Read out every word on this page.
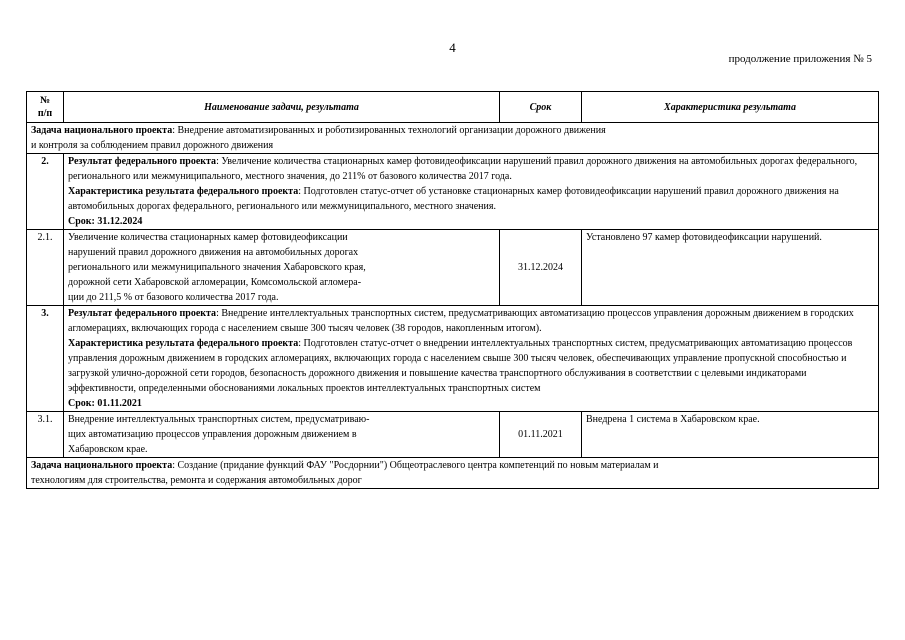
4
продолжение приложения № 5
№
п/п	Наименование задачи, результата	Срок	Характеристика результата
Задача национального проекта: Внедрение автоматизированных и роботизированных технологий организации дорожного движения
и контроля за соблюдением правил дорожного движения			

2.	Результат федерального проекта: Увеличение количества стационарных камер фотовидеофиксации нарушений правил дорожного движения на автомобильных дорогах федерального, регионального или межмуниципального, местного значения, до 211% от базового количества 2017 года.
Характеристика результата федерального проекта: Подготовлен статус-отчет об установке стационарных камер фотовидеофиксации нарушений правил дорожного движения на автомобильных дорогах федерального, регионального или межмуниципального, местного значения.
Срок: 31.12.2024		

2.1.	Увеличение количества стационарных камер фотовидеофиксации
нарушений правил дорожного движения на автомобильных дорогах
регионального или межмуниципального значения Хабаровского края,
дорожной сети Хабаровской агломерации, Комсомольской агломера-
ции до 211,5 % от базового количества 2017 года.	31.12.2024	Установлено 97 камер фотовидеофиксации нарушений.
3.	Результат федерального проекта: Внедрение интеллектуальных транспортных систем, предусматривающих автоматизацию процессов управления дорожным движением в городских агломерациях, включающих города с населением свыше 300 тысяч человек (38 городов, накопленным итогом).
Характеристика результата федерального проекта: Подготовлен статус-отчет о внедрении интеллектуальных транспортных систем, предусматривающих автоматизацию процессов управления дорожным движением в городских агломерациях, включающих города с населением свыше 300 тысяч человек, обеспечивающих управление пропускной способностью и загрузкой улично-дорожной сети городов, безопасность дорожного движения и повышение качества транспортного обслуживания в соответствии с целевыми индикаторами эффективности, определенными обоснованиями локальных проектов интеллектуальных транспортных систем
Срок: 01.11.2021		

3.1.	Внедрение интеллектуальных транспортных систем, предусматриваю-
щих автоматизацию процессов управления дорожным движением в
Хабаровском крае.	01.11.2021	Внедрена 1 система в Хабаровском крае.
Задача национального проекта: Создание (придание функций ФАУ "Росдорнии") Общеотраслевого центра компетенций по новым материалам и
технологиям для строительства, ремонта и содержания автомобильных дорог			
